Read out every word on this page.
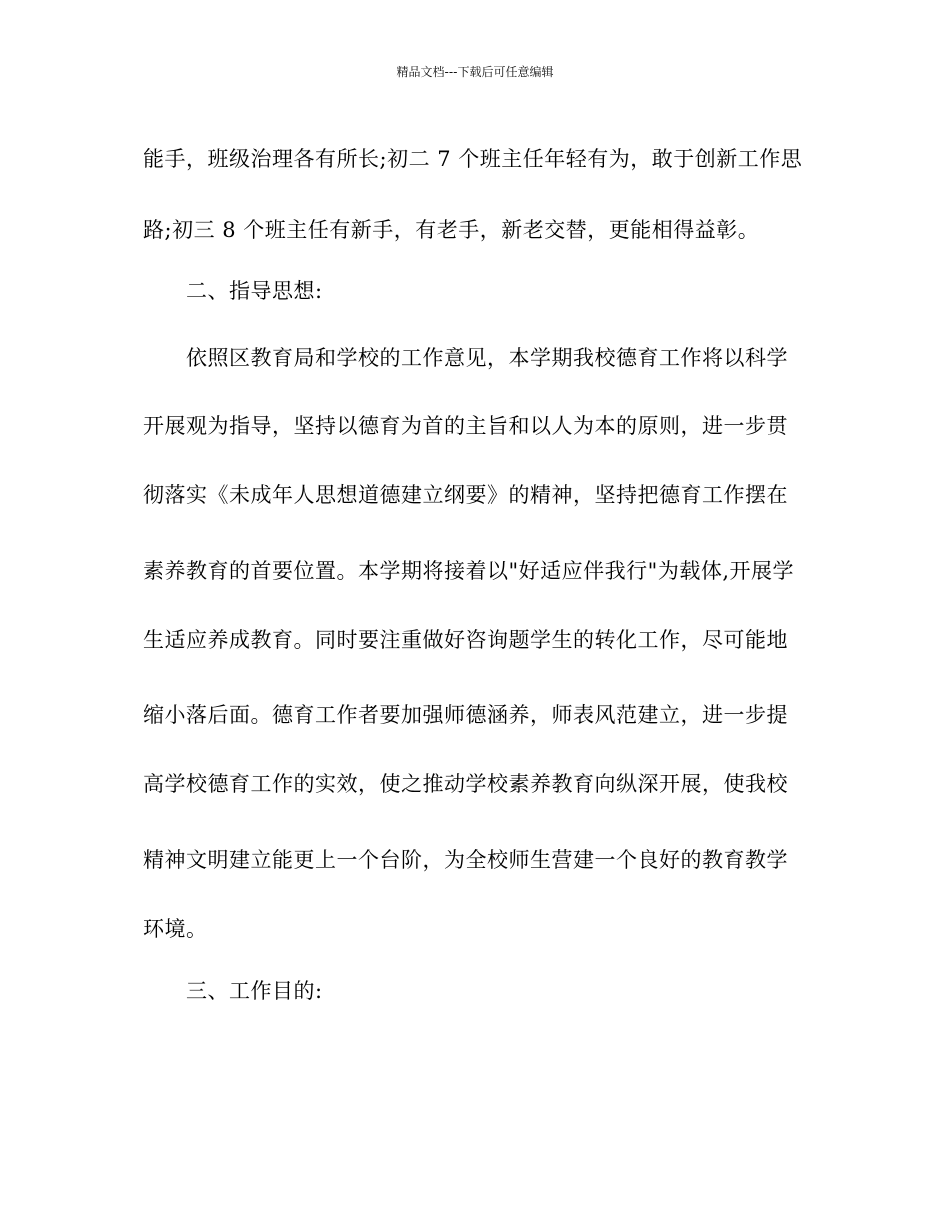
精品文档---下载后可任意编辑
能手，班级治理各有所长;初二 7 个班主任年轻有为，敢于创新工作思
路;初三 8 个班主任有新手，有老手，新老交替，更能相得益彰。
二、指导思想:
依照区教育局和学校的工作意见，本学期我校德育工作将以科学
开展观为指导，坚持以德育为首的主旨和以人为本的原则，进一步贯
彻落实《未成年人思想道德建立纲要》的精神，坚持把德育工作摆在
素养教育的首要位置。本学期将接着以"好适应伴我行"为载体,开展学
生适应养成教育。同时要注重做好咨询题学生的转化工作，尽可能地
缩小落后面。德育工作者要加强师德涵养，师表风范建立，进一步提
高学校德育工作的实效，使之推动学校素养教育向纵深开展，使我校
精神文明建立能更上一个台阶，为全校师生营建一个良好的教育教学
环境。
三、工作目的:
